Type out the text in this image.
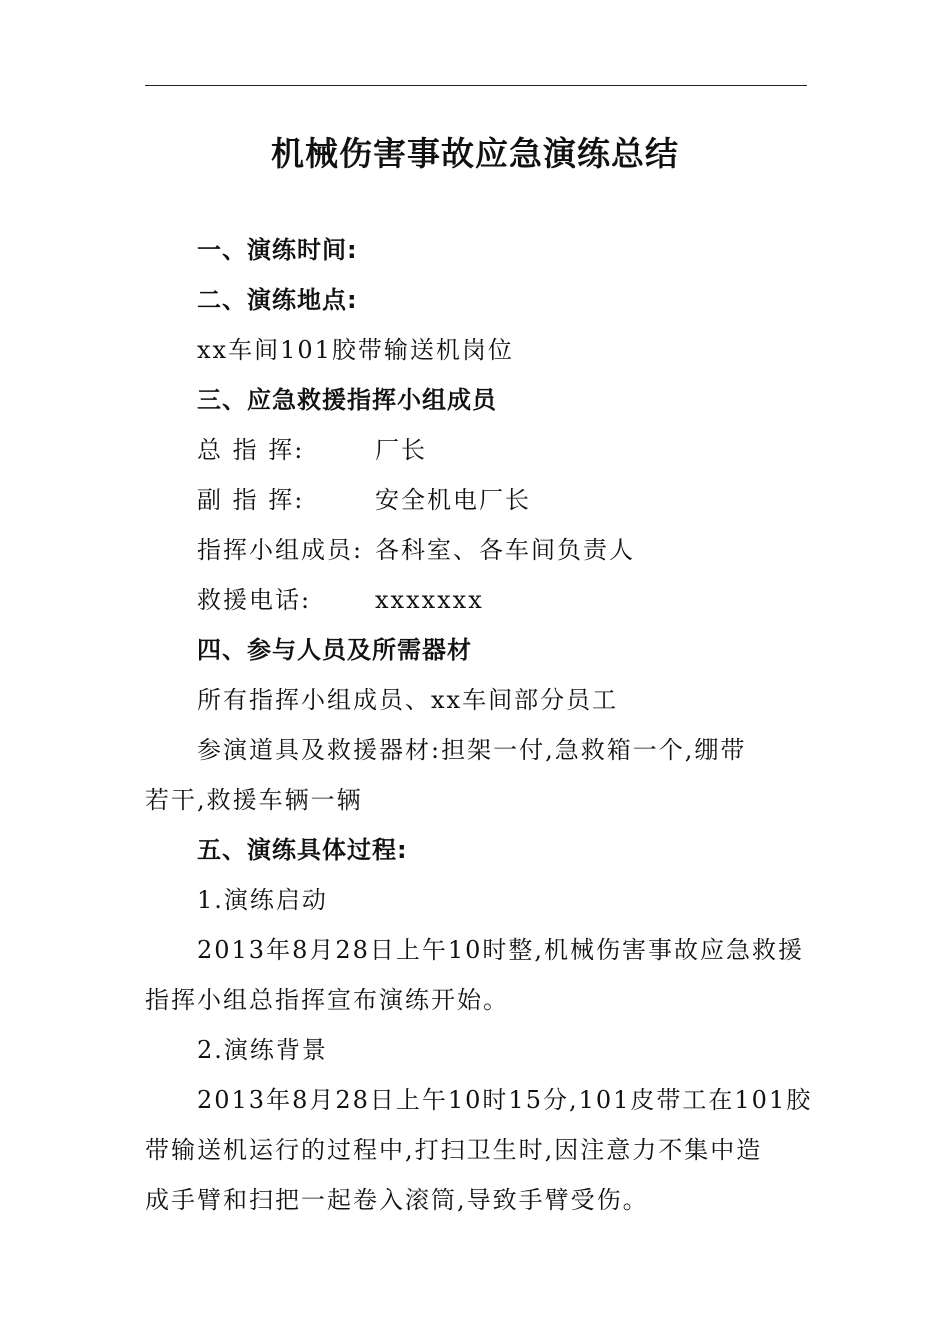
机械伤害事故应急演练总结
一、演练时间:
二、演练地点:
xx车间101胶带输送机岗位
三、应急救援指挥小组成员
总 指 挥:	厂长
副 指 挥:	安全机电厂长
指挥小组成员: 各科室、各车间负责人
救援电话:	xxxxxxx
四、参与人员及所需器材
所有指挥小组成员、xx车间部分员工
参演道具及救援器材:担架一付,急救箱一个,绷带
若干,救援车辆一辆
五、演练具体过程:
1.演练启动
2013年8月28日上午10时整,机械伤害事故应急救援
指挥小组总指挥宣布演练开始。
2.演练背景
2013年8月28日上午10时15分,101皮带工在101胶
带输送机运行的过程中,打扫卫生时,因注意力不集中造
成手臂和扫把一起卷入滚筒,导致手臂受伤。
